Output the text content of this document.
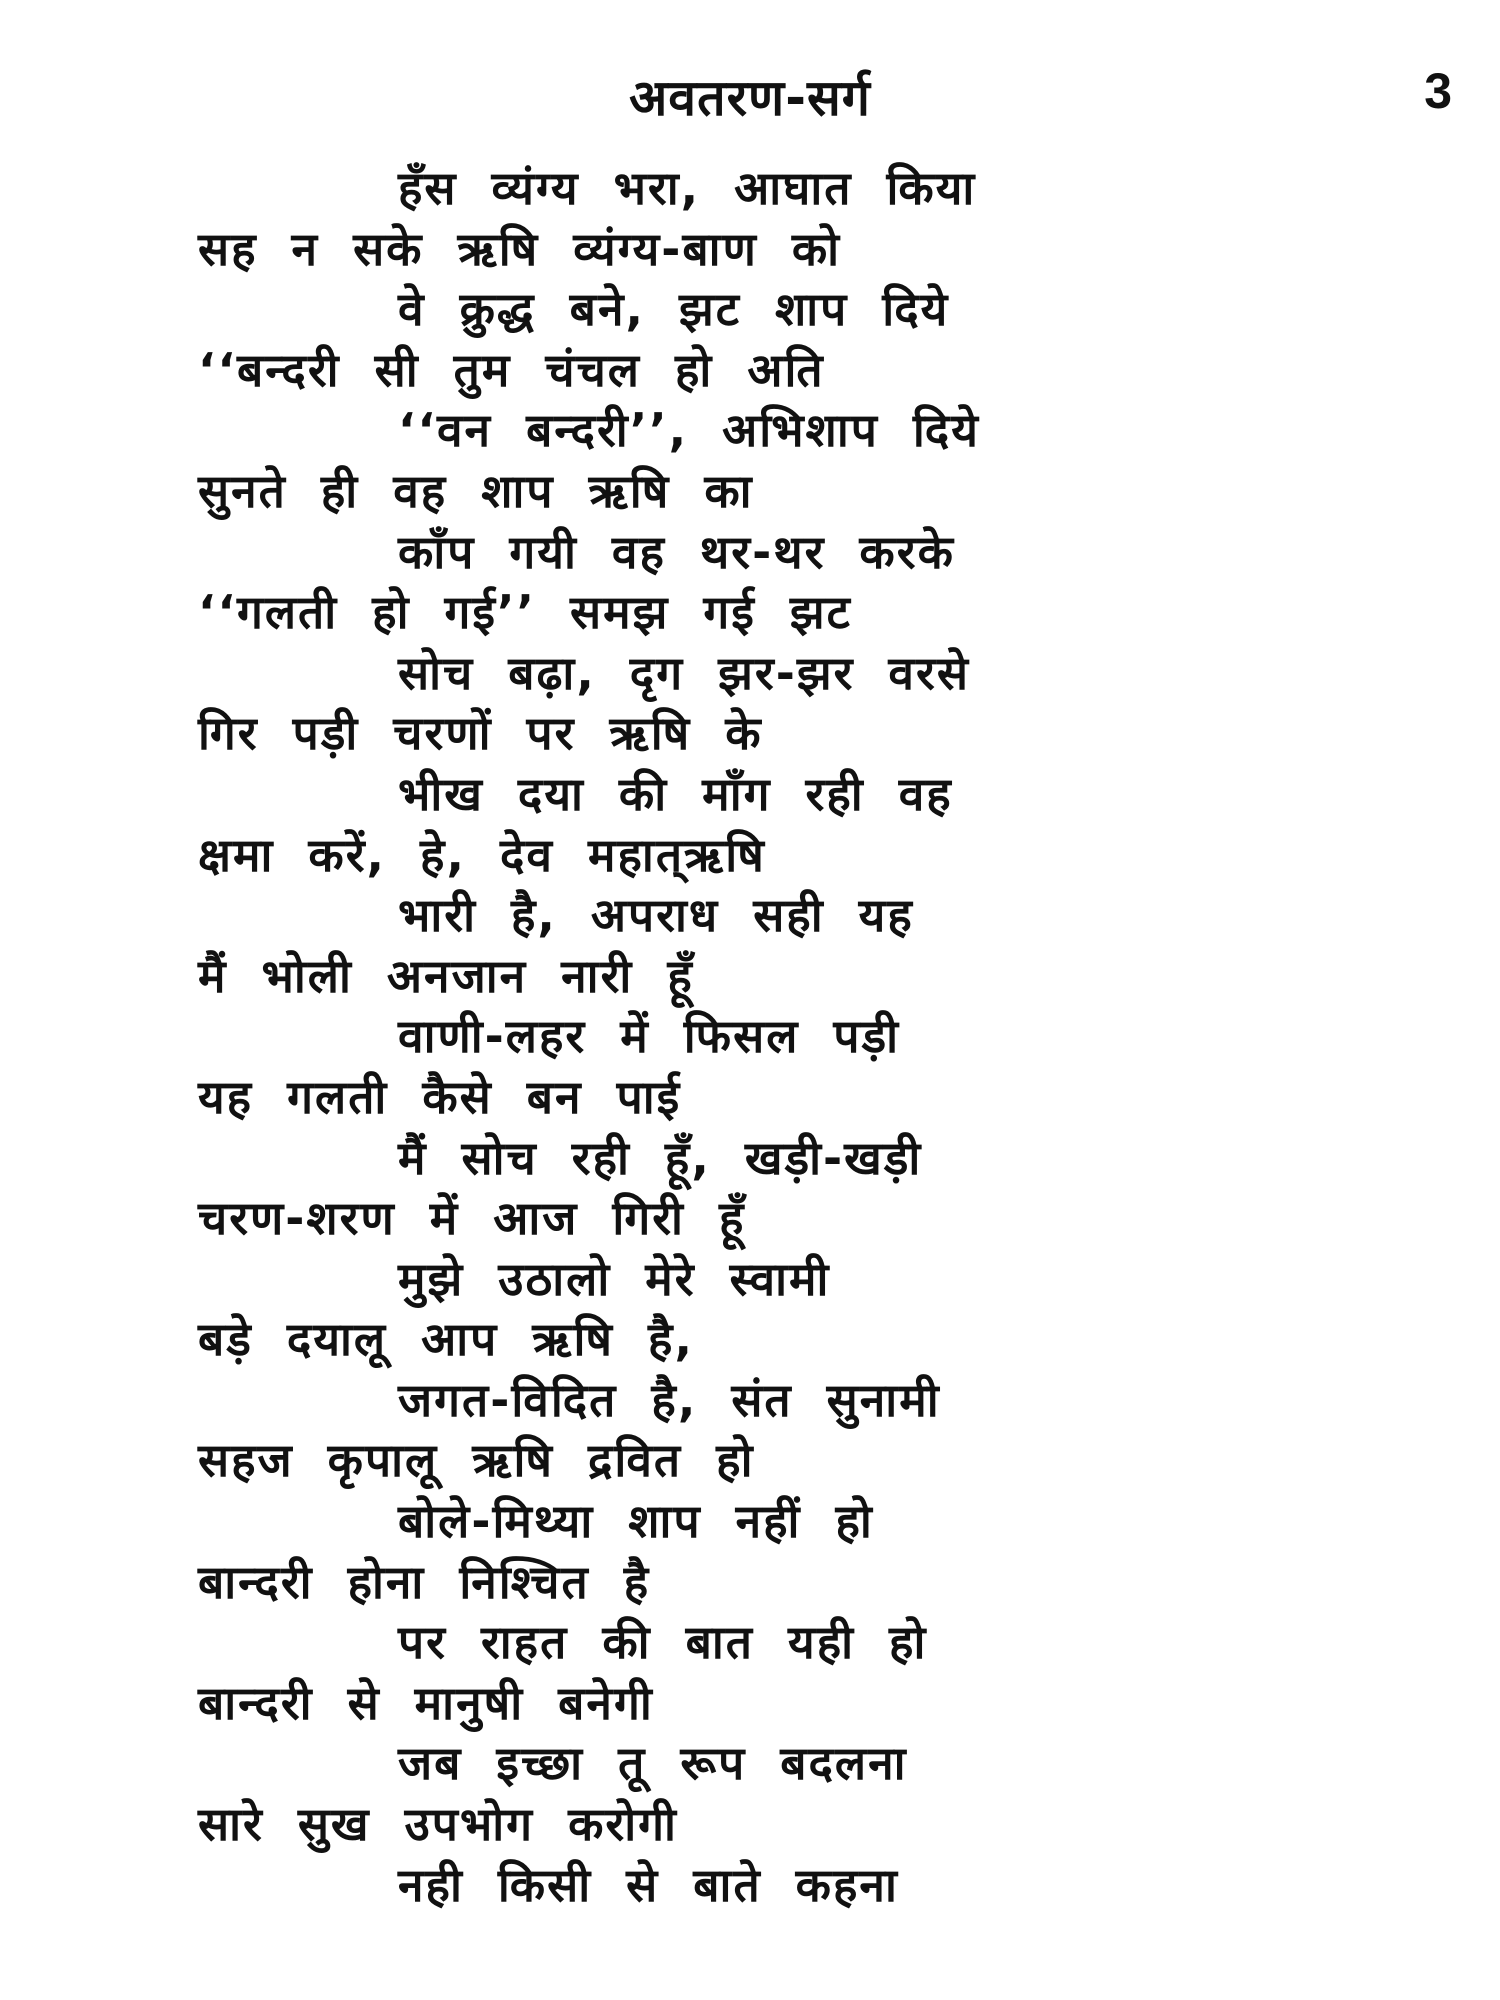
अवतरण-सर्ग	3
हँस व्यंग्य भरा, आघात किया
सह न सके ऋषि व्यंग्य-बाण को
वे क्रुद्ध बने, झट शाप दिये
‘‘बन्दरी सी तुम चंचल हो अति
‘‘वन बन्दरी’’, अभिशाप दिये
सुनते ही वह शाप ऋषि का
काँप गयी वह थर-थर करके
‘‘गलती हो गई’’ समझ गई झट
सोच बढ़ा, दृग झर-झर वरसे
गिर पड़ी चरणों पर ऋषि के
भीख दया की माँग रही वह
क्षमा करें, हे, देव महात्ऋषि
भारी है, अपराध सही यह
मैं भोली अनजान नारी हूँ
वाणी-लहर में फिसल पड़ी
यह गलती कैसे बन पाई
मैं सोच रही हूँ, खड़ी-खड़ी
चरण-शरण में आज गिरी हूँ
मुझे उठालो मेरे स्वामी
बड़े दयालू आप ऋषि है,
जगत-विदित है, संत सुनामी
सहज कृपालू ऋषि द्रवित हो
बोले-मिथ्या शाप नहीं हो
बान्दरी होना निश्चित है
पर राहत की बात यही हो
बान्दरी से मानुषी बनेगी
जब इच्छा तू रूप बदलना
सारे सुख उपभोग करोगी
नही किसी से बाते कहना
